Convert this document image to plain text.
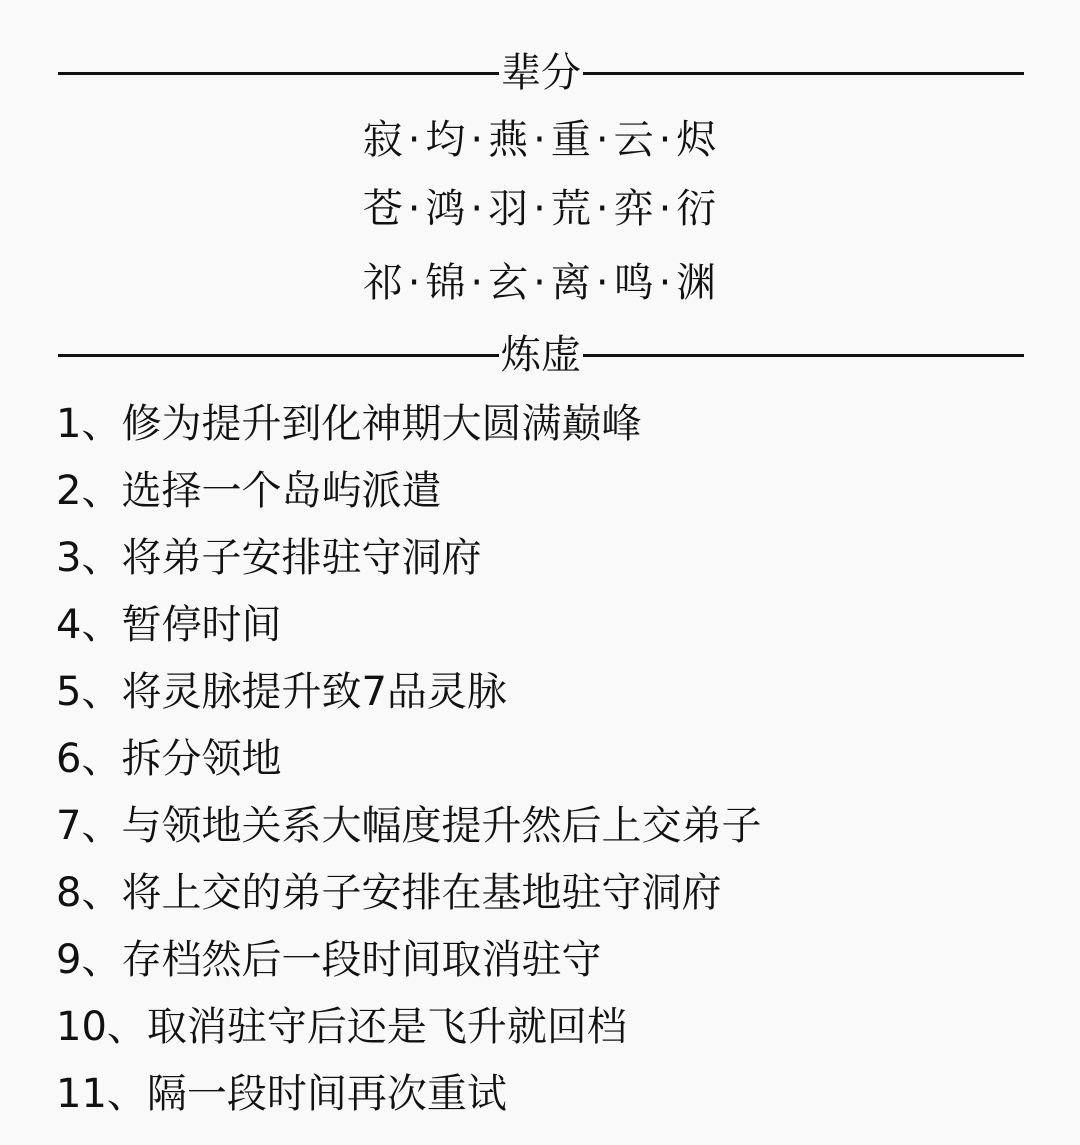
辈分
寂 · 均 · 燕 · 重 · 云 · 烬
苍 · 鸿 · 羽 · 荒 · 弈 · 衍
祁 · 锦 · 玄 · 离 · 鸣 · 渊
炼虚
1、修为提升到化神期大圆满巅峰
2、选择一个岛屿派遣
3、将弟子安排驻守洞府
4、暂停时间
5、将灵脉提升致7品灵脉
6、拆分领地
7、与领地关系大幅度提升然后上交弟子
8、将上交的弟子安排在基地驻守洞府
9、存档然后一段时间取消驻守
10、取消驻守后还是飞升就回档
11、隔一段时间再次重试
